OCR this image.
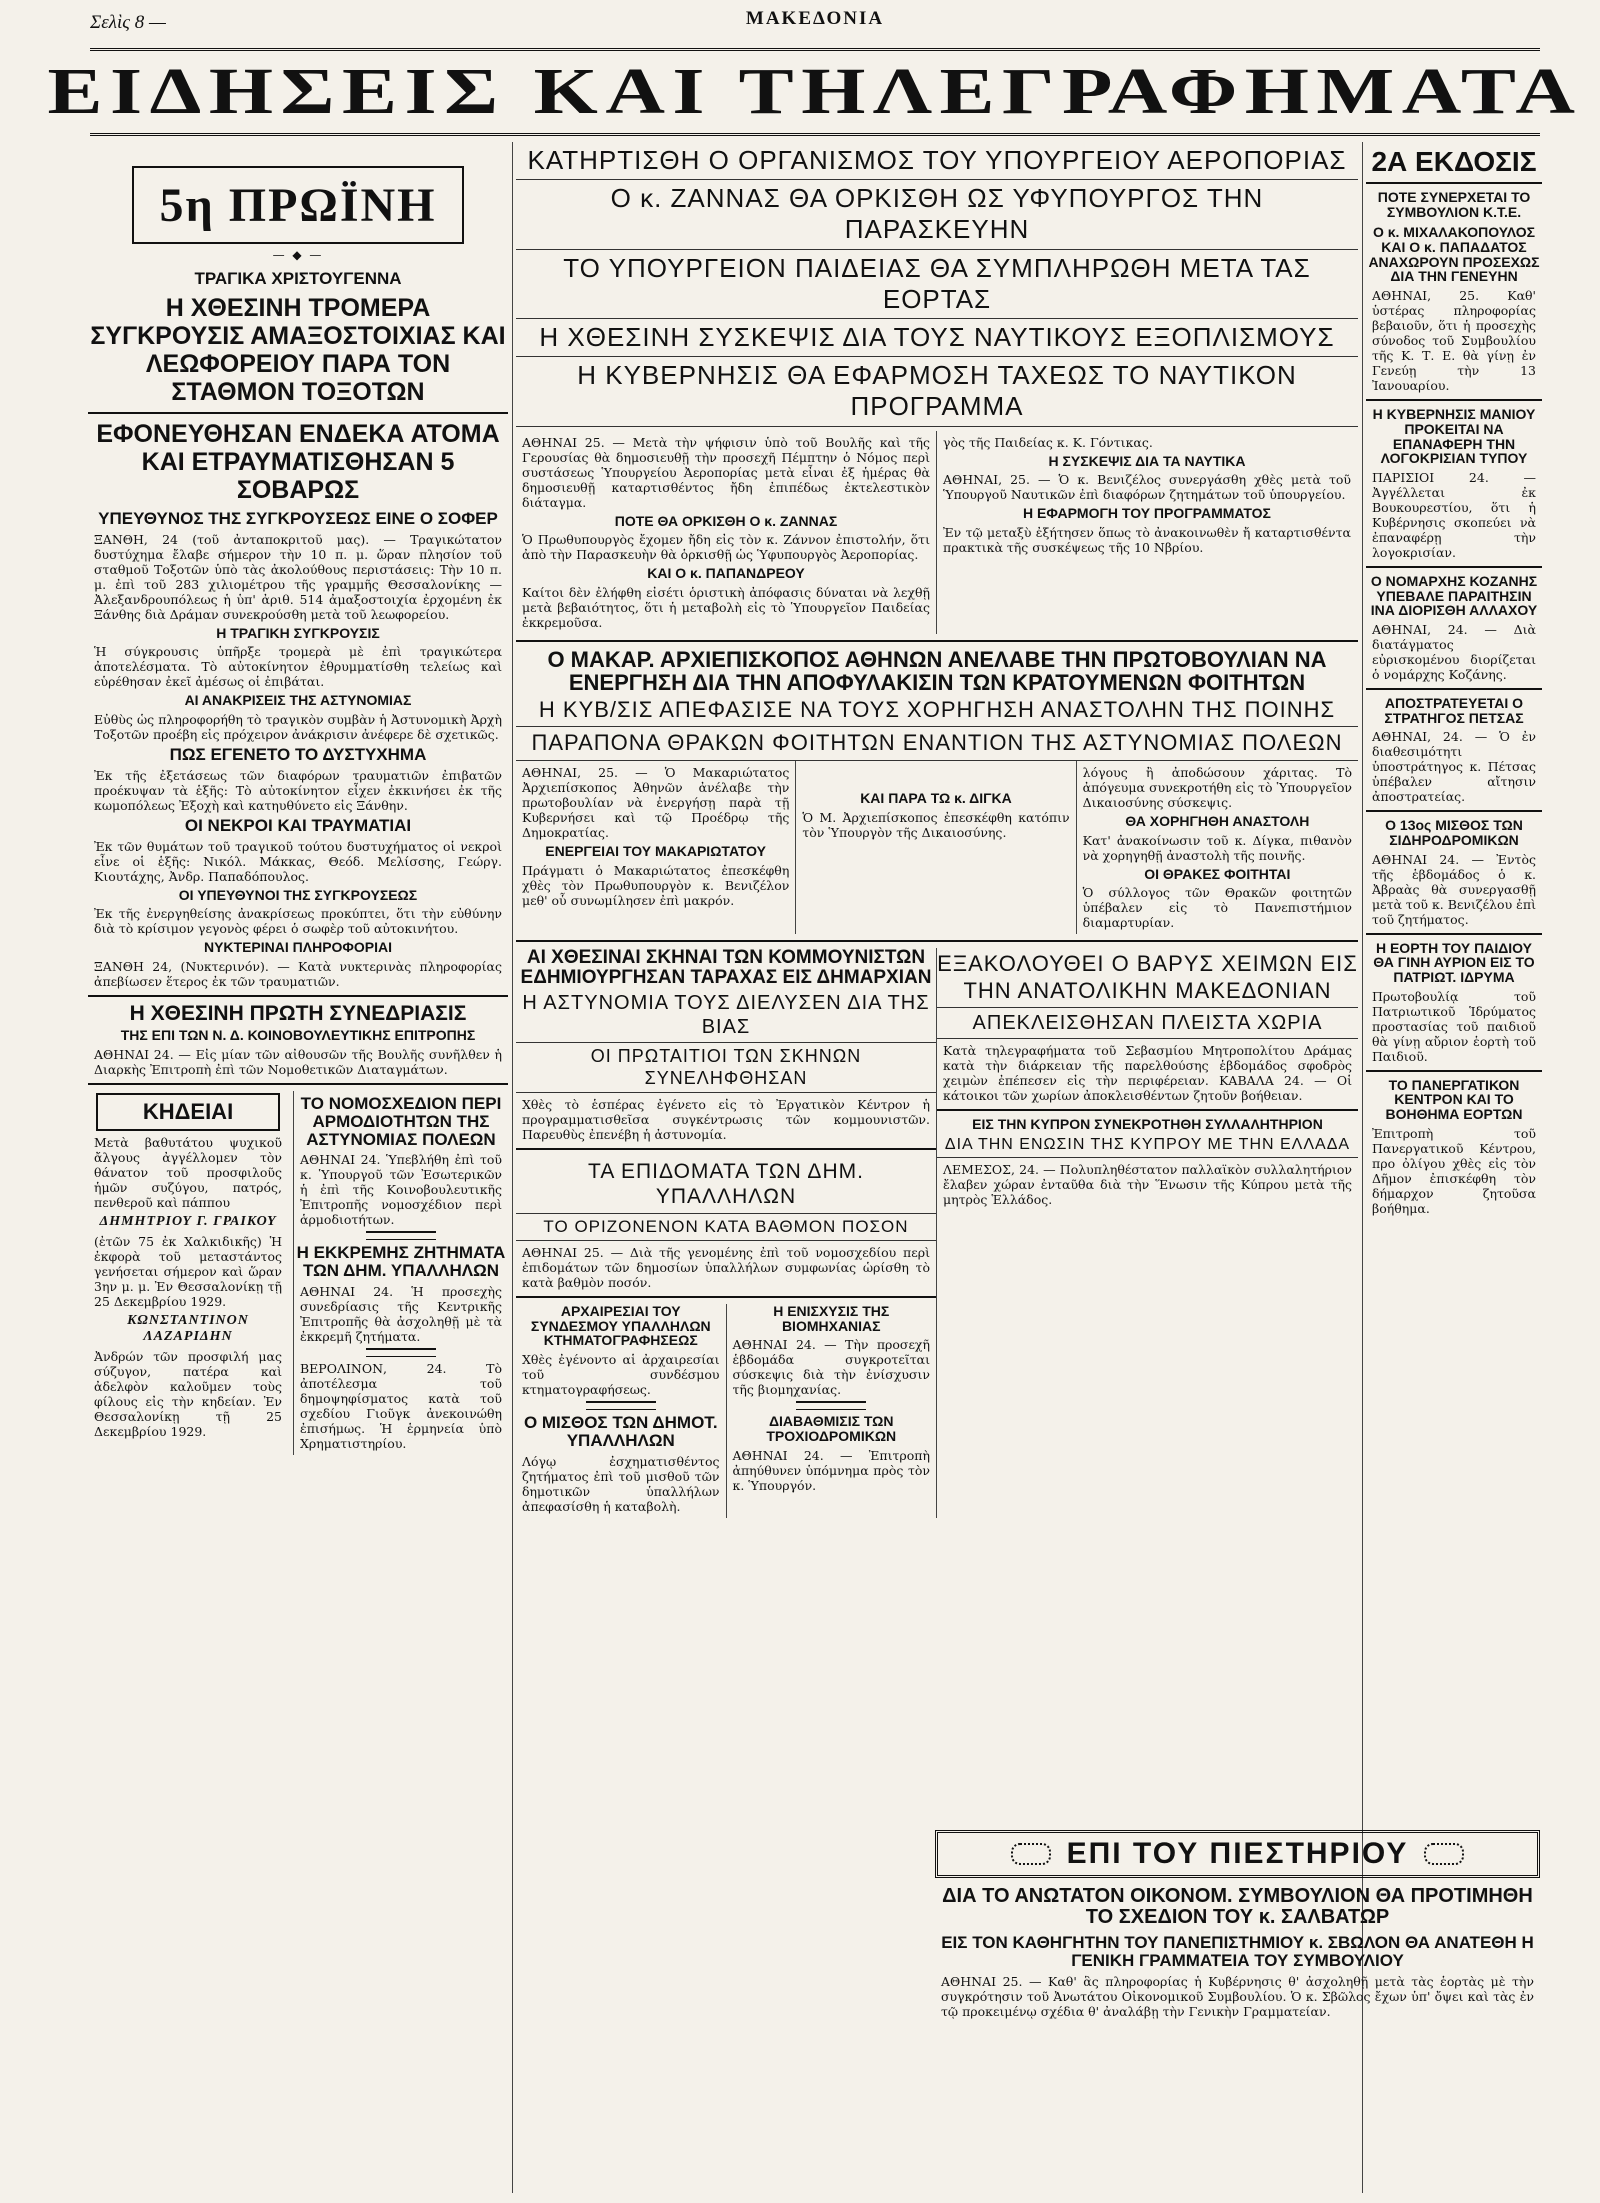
Σελὶς 8 —	ΜΑΚΕΔΟΝΙΑ
ΕΙΔΗΣΕΙΣ ΚΑΙ ΤΗΛΕΓΡΑΦΗΜΑΤΑ
5η ΠΡΩΪΝΗ
— ◆ —

ΤΡΑΓΙΚΑ ΧΡΙΣΤΟΥΓΕΝΝΑ

Η ΧΘΕΣΙΝΗ ΤΡΟΜΕΡΑ ΣΥΓΚΡΟΥΣΙΣ ΑΜΑΞΟΣΤΟΙΧΙΑΣ ΚΑΙ ΛΕΩΦΟΡΕΙΟΥ ΠΑΡΑ ΤΟΝ ΣΤΑΘΜΟΝ ΤΟΞΟΤΩΝ

ΕΦΟΝΕΥΘΗΣΑΝ ΕΝΔΕΚΑ ΑΤΟΜΑ ΚΑΙ ΕΤΡΑΥΜΑΤΙΣΘΗΣΑΝ 5 ΣΟΒΑΡΩΣ

ΥΠΕΥΘΥΝΟΣ ΤΗΣ ΣΥΓΚΡΟΥΣΕΩΣ ΕΙΝΕ Ο ΣΟΦΕΡ

ΞΑΝΘΗ, 24 (τοῦ ἀνταποκριτοῦ μας). — Τραγικώτατον δυστύχημα ἔλαβε σήμερον τὴν 10 π. μ. ὥραν πλησίον τοῦ σταθμοῦ Τοξοτῶν ὑπὸ τὰς ἀκολούθους περιστάσεις: Τὴν 10 π. μ. ἐπὶ τοῦ 283 χιλιομέτρου τῆς γραμμῆς Θεσσαλονίκης — Ἀλεξανδρουπόλεως ἡ ὑπ' ἀριθ. 514 ἀμαξοστοιχία ἐρχομένη ἐκ Ξάνθης διὰ Δράμαν συνεκρούσθη μετὰ τοῦ λεωφορείου.

Η ΤΡΑΓΙΚΗ ΣΥΓΚΡΟΥΣΙΣ

Ἡ σύγκρουσις ὑπῆρξε τρομερὰ μὲ ἐπὶ τραγικώτερα ἀποτελέσματα. Τὸ αὐτοκίνητον ἐθρυμματίσθη τελείως καὶ εὑρέθησαν ἐκεῖ ἀμέσως οἱ ἐπιβάται.

ΑΙ ΑΝΑΚΡΙΣΕΙΣ ΤΗΣ ΑΣΤΥΝΟΜΙΑΣ

Εὐθὺς ὡς πληροφορήθη τὸ τραγικὸν συμβὰν ἡ Ἀστυνομικὴ Ἀρχὴ Τοξοτῶν προέβη εἰς πρόχειρον ἀνάκρισιν ἀνέφερε δὲ σχετικῶς.

ΠΩΣ ΕΓΕΝΕΤΟ ΤΟ ΔΥΣΤΥΧΗΜΑ

Ἐκ τῆς ἐξετάσεως τῶν διαφόρων τραυματιῶν ἐπιβατῶν προέκυψαν τὰ ἑξῆς: Τὸ αὐτοκίνητον εἶχεν ἐκκινήσει ἐκ τῆς κωμοπόλεως Ἐξοχὴ καὶ κατηυθύνετο εἰς Ξάνθην.

ΟΙ ΝΕΚΡΟΙ ΚΑΙ ΤΡΑΥΜΑΤΙΑΙ

Ἐκ τῶν θυμάτων τοῦ τραγικοῦ τούτου δυστυχήματος οἱ νεκροὶ εἶνε οἱ ἑξῆς: Νικόλ. Μάκκας, Θεόδ. Μελίσσης, Γεώργ. Κιουτάχης, Ἀνδρ. Παπαδόπουλος.

ΟΙ ΥΠΕΥΘΥΝΟΙ ΤΗΣ ΣΥΓΚΡΟΥΣΕΩΣ

Ἐκ τῆς ἐνεργηθείσης ἀνακρίσεως προκύπτει, ὅτι τὴν εὐθύνην διὰ τὸ κρίσιμον γεγονὸς φέρει ὁ σωφὲρ τοῦ αὐτοκινήτου.

ΝΥΚΤΕΡΙΝΑΙ ΠΛΗΡΟΦΟΡΙΑΙ

ΞΑΝΘΗ 24, (Νυκτερινόν). — Κατὰ νυκτερινὰς πληροφορίας ἀπεβίωσεν ἕτερος ἐκ τῶν τραυματιῶν.

Η ΧΘΕΣΙΝΗ ΠΡΩΤΗ ΣΥΝΕΔΡΙΑΣΙΣ

ΤΗΣ ΕΠΙ ΤΩΝ Ν. Δ. ΚΟΙΝΟΒΟΥΛΕΥΤΙΚΗΣ ΕΠΙΤΡΟΠΗΣ

ΑΘΗΝΑΙ 24. — Εἰς μίαν τῶν αἰθουσῶν τῆς Βουλῆς συνῆλθεν ἡ Διαρκὴς Ἐπιτροπὴ ἐπὶ τῶν Νομοθετικῶν Διαταγμάτων.

ΚΗΔΕΙΑΙ

Μετὰ βαθυτάτου ψυχικοῦ ἄλγους ἀγγέλλομεν τὸν θάνατον τοῦ προσφιλοῦς ἡμῶν συζύγου, πατρός, πενθεροῦ καὶ πάππου

ΔΗΜΗΤΡΙΟΥ Γ. ΓΡΑΙΚΟΥ

(ἐτῶν 75 ἐκ Χαλκιδικῆς) Ἡ ἐκφορὰ τοῦ μεταστάντος γενήσεται σήμερον καὶ ὥραν 3ην μ. μ. Ἐν Θεσσαλονίκῃ τῇ 25 Δεκεμβρίου 1929.

ΚΩΝΣΤΑΝΤΙΝΟΝ ΛΑΖΑΡΙΔΗΝ

Ἀνδρών τῶν προσφιλή μας σύζυγον, πατέρα καὶ ἀδελφὸν καλοῦμεν τοὺς φίλους εἰς τὴν κηδείαν. Ἐν Θεσσαλονίκῃ τῇ 25 Δεκεμβρίου 1929.

ΤΟ ΝΟΜΟΣΧΕΔΙΟΝ ΠΕΡΙ ΑΡΜΟΔΙΟΤΗΤΩΝ ΤΗΣ ΑΣΤΥΝΟΜΙΑΣ ΠΟΛΕΩΝ

ΑΘΗΝΑΙ 24. Ὑπεβλήθη ἐπὶ τοῦ κ. Ὑπουργοῦ τῶν Ἐσωτερικῶν ἡ ἐπὶ τῆς Κοινοβουλευτικῆς Ἐπιτροπῆς νομοσχέδιον περὶ ἁρμοδιοτήτων.

Η ΕΚΚΡΕΜΗΣ ΖΗΤΗΜΑΤΑ ΤΩΝ ΔΗΜ. ΥΠΑΛΛΗΛΩΝ

ΑΘΗΝΑΙ 24. Ἡ προσεχὴς συνεδρίασις τῆς Κεντρικῆς Ἐπιτροπῆς θὰ ἀσχοληθῇ μὲ τὰ ἐκκρεμῆ ζητήματα.

ΒΕΡΟΛΙΝΟΝ, 24. Τὸ ἀποτέλεσμα τοῦ δημοψηφίσματος κατὰ τοῦ σχεδίου Γιοῦγκ ἀνεκοινώθη ἐπισήμως. Ἡ ἑρμηνεία ὑπὸ Χρηματιστηρίου.

ΚΑΤΗΡΤΙΣΘΗ Ο ΟΡΓΑΝΙΣΜΟΣ ΤΟΥ ΥΠΟΥΡΓΕΙΟΥ ΑΕΡΟΠΟΡΙΑΣ
Ο κ. ΖΑΝΝΑΣ ΘΑ ΟΡΚΙΣΘΗ ΩΣ ΥΦΥΠΟΥΡΓΟΣ ΤΗΝ ΠΑΡΑΣΚΕΥΗΝ
ΤΟ ΥΠΟΥΡΓΕΙΟΝ ΠΑΙΔΕΙΑΣ ΘΑ ΣΥΜΠΛΗΡΩΘΗ ΜΕΤΑ ΤΑΣ ΕΟΡΤΑΣ
Η ΧΘΕΣΙΝΗ ΣΥΣΚΕΨΙΣ ΔΙΑ ΤΟΥΣ ΝΑΥΤΙΚΟΥΣ ΕΞΟΠΛΙΣΜΟΥΣ
Η ΚΥΒΕΡΝΗΣΙΣ ΘΑ ΕΦΑΡΜΟΣΗ ΤΑΧΕΩΣ ΤΟ ΝΑΥΤΙΚΟΝ ΠΡΟΓΡΑΜΜΑ

ΑΘΗΝΑΙ 25. — Μετὰ τὴν ψήφισιν ὑπὸ τοῦ Βουλῆς καὶ τῆς Γερουσίας θὰ δημοσιευθῇ τὴν προσεχῆ Πέμπτην ὁ Νόμος περὶ συστάσεως Ὑπουργείου Ἀεροπορίας μετὰ εἶναι ἐξ ἡμέρας θὰ δημοσιευθῇ καταρτισθέντος ἤδη ἐπιπέδως ἐκτελεστικὸν διάταγμα.

ΠΟΤΕ ΘΑ ΟΡΚΙΣΘΗ Ο κ. ΖΑΝΝΑΣ

Ὁ Πρωθυπουργὸς ἔχομεν ἤδη εἰς τὸν κ. Ζάννον ἐπιστολήν, ὅτι ἀπὸ τὴν Παρασκευὴν θὰ ὁρκισθῇ ὡς Ὑφυπουργὸς Ἀεροπορίας.

ΚΑΙ Ο κ. ΠΑΠΑΝΔΡΕΟΥ

Καίτοι δὲν ἐλήφθη εἰσέτι ὁριστικὴ ἀπόφασις δύναται νὰ λεχθῇ μετὰ βεβαιότητος, ὅτι ἡ μεταβολὴ εἰς τὸ Ὑπουργεῖον Παιδείας ἐκκρεμοῦσα.

γὸς τῆς Παιδείας κ. Κ. Γόντικας.

Η ΣΥΣΚΕΨΙΣ ΔΙΑ ΤΑ ΝΑΥΤΙΚΑ

ΑΘΗΝΑΙ, 25. — Ὁ κ. Βενιζέλος συνεργάσθη χθὲς μετὰ τοῦ Ὑπουργοῦ Ναυτικῶν ἐπὶ διαφόρων ζητημάτων τοῦ ὑπουργείου.

Η ΕΦΑΡΜΟΓΗ ΤΟΥ ΠΡΟΓΡΑΜΜΑΤΟΣ

Ἐν τῷ μεταξὺ ἐξήτησεν ὅπως τὸ ἀνακοινωθὲν ἤ καταρτισθέντα πρακτικὰ τῆς συσκέψεως τῆς 10 Νβρίου.

Ο ΜΑΚΑΡ. ΑΡΧΙΕΠΙΣΚΟΠΟΣ ΑΘΗΝΩΝ ΑΝΕΛΑΒΕ ΤΗΝ ΠΡΩΤΟΒΟΥΛΙΑΝ ΝΑ ΕΝΕΡΓΗΣΗ ΔΙΑ ΤΗΝ ΑΠΟΦΥΛΑΚΙΣΙΝ ΤΩΝ ΚΡΑΤΟΥΜΕΝΩΝ ΦΟΙΤΗΤΩΝ

Η ΚΥΒ/ΣΙΣ ΑΠΕΦΑΣΙΣΕ ΝΑ ΤΟΥΣ ΧΟΡΗΓΗΣΗ ΑΝΑΣΤΟΛΗΝ ΤΗΣ ΠΟΙΝΗΣ
ΠΑΡΑΠΟΝΑ ΘΡΑΚΩΝ ΦΟΙΤΗΤΩΝ ΕΝΑΝΤΙΟΝ ΤΗΣ ΑΣΤΥΝΟΜΙΑΣ ΠΟΛΕΩΝ

ΑΘΗΝΑΙ, 25. — Ὁ Μακαριώτατος Ἀρχιεπίσκοπος Ἀθηνῶν ἀνέλαβε τὴν πρωτοβουλίαν νὰ ἐνεργήσῃ παρὰ τῇ Κυβερνήσει καὶ τῷ Προέδρῳ τῆς Δημοκρατίας.

ΕΝΕΡΓΕΙΑΙ ΤΟΥ ΜΑΚΑΡΙΩΤΑΤΟΥ

Πράγματι ὁ Μακαριώτατος ἐπεσκέφθη χθὲς τὸν Πρωθυπουργὸν κ. Βενιζέλον μεθ' οὗ συνωμίλησεν ἐπὶ μακρόν.

ΚΑΙ ΠΑΡΑ ΤΩ κ. ΔΙΓΚΑ

Ὁ Μ. Ἀρχιεπίσκοπος ἐπεσκέφθη κατόπιν τὸν Ὑπουργὸν τῆς Δικαιοσύνης.

λόγους ἢ ἀποδώσουν χάριτας. Τὸ ἀπόγευμα συνεκροτήθη εἰς τὸ Ὑπουργεῖον Δικαιοσύνης σύσκεψις.

ΘΑ ΧΟΡΗΓΗΘΗ ΑΝΑΣΤΟΛΗ

Κατ' ἀνακοίνωσιν τοῦ κ. Δίγκα, πιθανὸν νὰ χορηγηθῇ ἀναστολὴ τῆς ποινῆς.

ΟΙ ΘΡΑΚΕΣ ΦΟΙΤΗΤΑΙ

Ὁ σύλλογος τῶν Θρακῶν φοιτητῶν ὑπέβαλεν εἰς τὸ Πανεπιστήμιον διαμαρτυρίαν.

ΑΙ ΧΘΕΣΙΝΑΙ ΣΚΗΝΑΙ ΤΩΝ ΚΟΜΜΟΥΝΙΣΤΩΝ ΕΔΗΜΙΟΥΡΓΗΣΑΝ ΤΑΡΑΧΑΣ ΕΙΣ ΔΗΜΑΡΧΙΑΝ

Η ΑΣΤΥΝΟΜΙΑ ΤΟΥΣ ΔΙΕΛΥΣΕΝ ΔΙΑ ΤΗΣ ΒΙΑΣ
ΟΙ ΠΡΩΤΑΙΤΙΟΙ ΤΩΝ ΣΚΗΝΩΝ ΣΥΝΕΛΗΦΘΗΣΑΝ

Χθὲς τὸ ἑσπέρας ἐγένετο εἰς τὸ Ἐργατικὸν Κέντρον ἡ προγραμματισθεῖσα συγκέντρωσις τῶν κομμουνιστῶν. Παρευθὺς ἐπενέβη ἡ ἀστυνομία.

ΤΑ ΕΠΙΔΟΜΑΤΑ ΤΩΝ ΔΗΜ. ΥΠΑΛΛΗΛΩΝ
ΤΟ ΟΡΙΖΟΝΕΝΟΝ ΚΑΤΑ ΒΑΘΜΟΝ ΠΟΣΟΝ

ΑΘΗΝΑΙ 25. — Διὰ τῆς γενομένης ἐπὶ τοῦ νομοσχεδίου περὶ ἐπιδομάτων τῶν δημοσίων ὑπαλλήλων συμφωνίας ὡρίσθη τὸ κατὰ βαθμὸν ποσόν.

ΑΡΧΑΙΡΕΣΙΑΙ ΤΟΥ ΣΥΝΔΕΣΜΟΥ ΥΠΑΛΛΗΛΩΝ ΚΤΗΜΑΤΟΓΡΑΦΗΣΕΩΣ

Χθὲς ἐγένοντο αἱ ἀρχαιρεσίαι τοῦ συνδέσμου κτηματογραφήσεως.

Ο ΜΙΣΘΟΣ ΤΩΝ ΔΗΜΟΤ. ΥΠΑΛΛΗΛΩΝ

Λόγῳ ἐσχηματισθέντος ζητήματος ἐπὶ τοῦ μισθοῦ τῶν δημοτικῶν ὑπαλλήλων ἀπεφασίσθη ἡ καταβολὴ.

Η ΕΝΙΣΧΥΣΙΣ ΤΗΣ ΒΙΟΜΗΧΑΝΙΑΣ

ΑΘΗΝΑΙ 24. — Τὴν προσεχῆ ἑβδομάδα συγκροτεῖται σύσκεψις διὰ τὴν ἐνίσχυσιν τῆς βιομηχανίας.

ΔΙΑΒΑΘΜΙΣΙΣ ΤΩΝ ΤΡΟΧΙΟΔΡΟΜΙΚΩΝ

ΑΘΗΝΑΙ 24. — Ἐπιτροπὴ ἀπηύθυνεν ὑπόμνημα πρὸς τὸν κ. Ὑπουργόν.

ΕΞΑΚΟΛΟΥΘΕΙ Ο ΒΑΡΥΣ ΧΕΙΜΩΝ ΕΙΣ ΤΗΝ ΑΝΑΤΟΛΙΚΗΝ ΜΑΚΕΔΟΝΙΑΝ
ΑΠΕΚΛΕΙΣΘΗΣΑΝ ΠΛΕΙΣΤΑ ΧΩΡΙΑ

Κατὰ τηλεγραφήματα τοῦ Σεβασμίου Μητροπολίτου Δράμας κατὰ τὴν διάρκειαν τῆς παρελθούσης ἑβδομάδος σφοδρὸς χειμὼν ἐπέπεσεν εἰς τὴν περιφέρειαν. ΚΑΒΑΛΑ 24. — Οἱ κάτοικοι τῶν χωρίων ἀποκλεισθέντων ζητοῦν βοήθειαν.

ΕΙΣ ΤΗΝ ΚΥΠΡΟΝ ΣΥΝΕΚΡΟΤΗΘΗ ΣΥΛΛΑΛΗΤΗΡΙΟΝ

ΔΙΑ ΤΗΝ ΕΝΩΣΙΝ ΤΗΣ ΚΥΠΡΟΥ ΜΕ ΤΗΝ ΕΛΛΑΔΑ

ΛΕΜΕΣΟΣ, 24. — Πολυπληθέστατον παλλαϊκὸν συλλαλητήριον ἔλαβεν χώραν ἐνταῦθα διὰ τὴν Ἕνωσιν τῆς Κύπρου μετὰ τῆς μητρὸς Ἑλλάδος.

ΕΠΙ ΤΟΥ ΠΙΕΣΤΗΡΙΟΥ

ΔΙΑ ΤΟ ΑΝΩΤΑΤΟΝ ΟΙΚΟΝΟΜ. ΣΥΜΒΟΥΛΙΟΝ ΘΑ ΠΡΟΤΙΜΗΘΗ ΤΟ ΣΧΕΔΙΟΝ ΤΟΥ κ. ΣΑΛΒΑΤΩΡ

ΕΙΣ ΤΟΝ ΚΑΘΗΓΗΤΗΝ ΤΟΥ ΠΑΝΕΠΙΣΤΗΜΙΟΥ κ. ΣΒΩΛΟΝ ΘΑ ΑΝΑΤΕΘΗ Η ΓΕΝΙΚΗ ΓΡΑΜΜΑΤΕΙΑ ΤΟΥ ΣΥΜΒΟΥΛΙΟΥ

ΑΘΗΝΑΙ 25. — Καθ' ἃς πληροφορίας ἡ Κυβέρνησις θ' ἀσχοληθῇ μετὰ τὰς ἑορτὰς μὲ τὴν συγκρότησιν τοῦ Ἀνωτάτου Οἰκονομικοῦ Συμβουλίου. Ὁ κ. Σβῶλος ἔχων ὑπ' ὄψει καὶ τὰς ἐν τῷ προκειμένῳ σχέδια θ' ἀναλάβῃ τὴν Γενικὴν Γραμματείαν.

2Α ΕΚΔΟΣΙΣ

ΠΟΤΕ ΣΥΝΕΡΧΕΤΑΙ ΤΟ ΣΥΜΒΟΥΛΙΟΝ Κ.Τ.Ε.

Ο κ. ΜΙΧΑΛΑΚΟΠΟΥΛΟΣ ΚΑΙ Ο κ. ΠΑΠΑΔΑΤΟΣ ΑΝΑΧΩΡΟΥΝ ΠΡΟΣΕΧΩΣ ΔΙΑ ΤΗΝ ΓΕΝΕΥΗΝ

ΑΘΗΝΑΙ, 25. Καθ' ὑστέρας πληροφορίας βεβαιοῦν, ὅτι ἡ προσεχὴς σύνοδος τοῦ Συμβουλίου τῆς Κ. Τ. Ε. θὰ γίνῃ ἐν Γενεύῃ τὴν 13 Ἰανουαρίου.

Η ΚΥΒΕΡΝΗΣΙΣ ΜΑΝΙΟΥ ΠΡΟΚΕΙΤΑΙ ΝΑ ΕΠΑΝΑΦΕΡΗ ΤΗΝ ΛΟΓΟΚΡΙΣΙΑΝ ΤΥΠΟΥ

ΠΑΡΙΣΙΟΙ 24. — Ἀγγέλλεται ἐκ Βουκουρεστίου, ὅτι ἡ Κυβέρνησις σκοπεύει νὰ ἐπαναφέρῃ τὴν λογοκρισίαν.

Ο ΝΟΜΑΡΧΗΣ ΚΟΖΑΝΗΣ ΥΠΕΒΑΛΕ ΠΑΡΑΙΤΗΣΙΝ ΙΝΑ ΔΙΟΡΙΣΘΗ ΑΛΛΑΧΟΥ

ΑΘΗΝΑΙ, 24. — Διὰ διατάγματος εὐρισκομένου διορίζεται ὁ νομάρχης Κοζάνης.

ΑΠΟΣΤΡΑΤΕΥΕΤΑΙ Ο ΣΤΡΑΤΗΓΟΣ ΠΕΤΣΑΣ

ΑΘΗΝΑΙ, 24. — Ὁ ἐν διαθεσιμότητι ὑποστράτηγος κ. Πέτσας ὑπέβαλεν αἴτησιν ἀποστρατείας.

Ο 13ος ΜΙΣΘΟΣ ΤΩΝ ΣΙΔΗΡΟΔΡΟΜΙΚΩΝ

ΑΘΗΝΑΙ 24. — Ἐντὸς τῆς ἑβδομάδος ὁ κ. Ἀβραὰς θὰ συνεργασθῇ μετὰ τοῦ κ. Βενιζέλου ἐπὶ τοῦ ζητήματος.

Η ΕΟΡΤΗ ΤΟΥ ΠΑΙΔΙΟΥ ΘΑ ΓΙΝΗ ΑΥΡΙΟΝ ΕΙΣ ΤΟ ΠΑΤΡΙΩΤ. ΙΔΡΥΜΑ

Πρωτοβουλίᾳ τοῦ Πατριωτικοῦ Ἱδρύματος προστασίας τοῦ παιδιοῦ θὰ γίνῃ αὔριον ἑορτὴ τοῦ Παιδιοῦ.

ΤΟ ΠΑΝΕΡΓΑΤΙΚΟΝ ΚΕΝΤΡΟΝ ΚΑΙ ΤΟ ΒΟΗΘΗΜΑ ΕΟΡΤΩΝ

Ἐπιτροπὴ τοῦ Πανεργατικοῦ Κέντρου, προ ὀλίγου χθὲς εἰς τὸν Δῆμον ἐπισκέφθη τὸν δήμαρχον ζητοῦσα βοήθημα.
